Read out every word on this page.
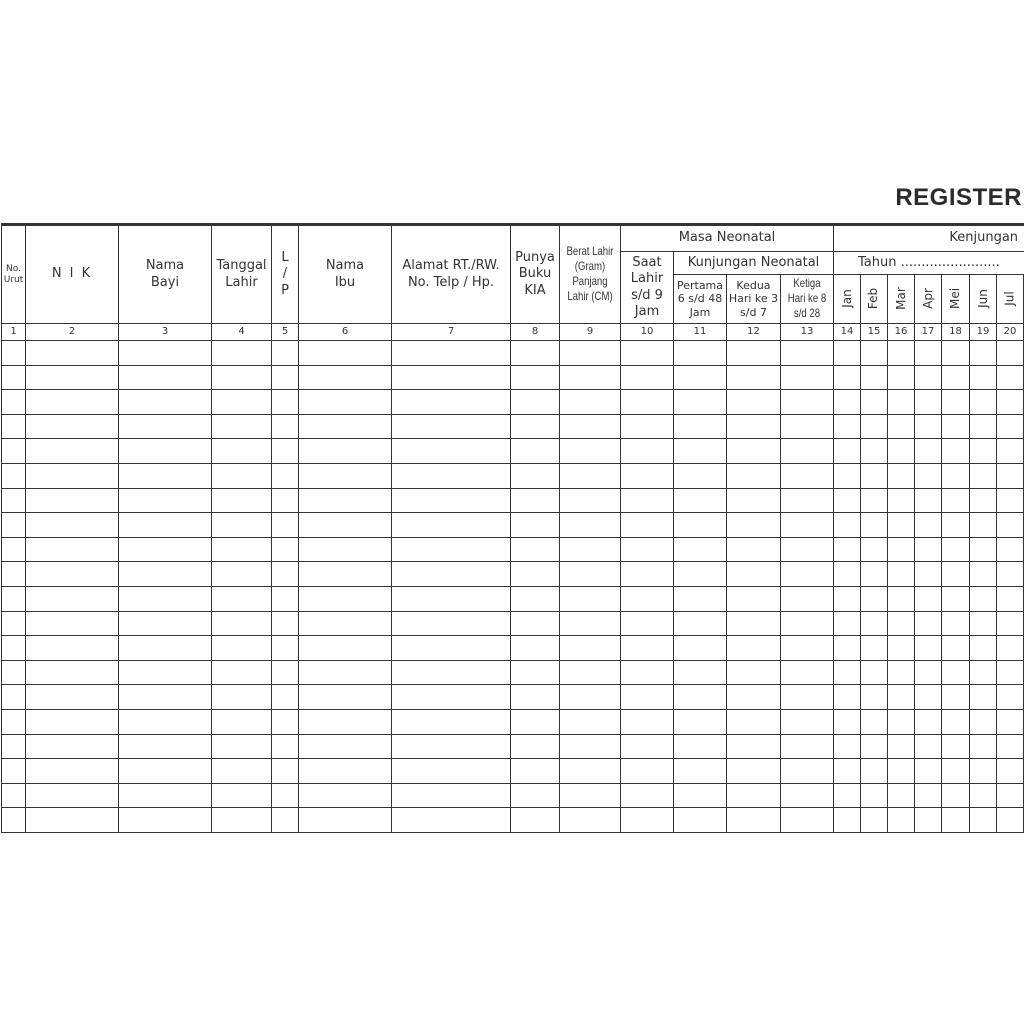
REGISTER
No. Urut	N I K	Nama Bayi	Tanggal Lahir	L / P	Nama Ibu	Alamat RT./RW. No. Telp / Hp.	Punya Buku KIA	Berat Lahir (Gram) Panjang Lahir (CM)	Masa Neonatal				Kenjungan							
									Saat Lahir s/d 9 Jam	Kunjungan Neonatal			Tahun ........................							
										Pertama 6 s/d 48 Jam	Kedua Hari ke 3 s/d 7	Ketiga Hari ke 8 s/d 28	Jan	Feb	Mar	Apr	Mei	Jun	Jul	
1	2	3	4	5	6	7	8	9	10	11	12	13	14	15	16	17	18	19	20	
